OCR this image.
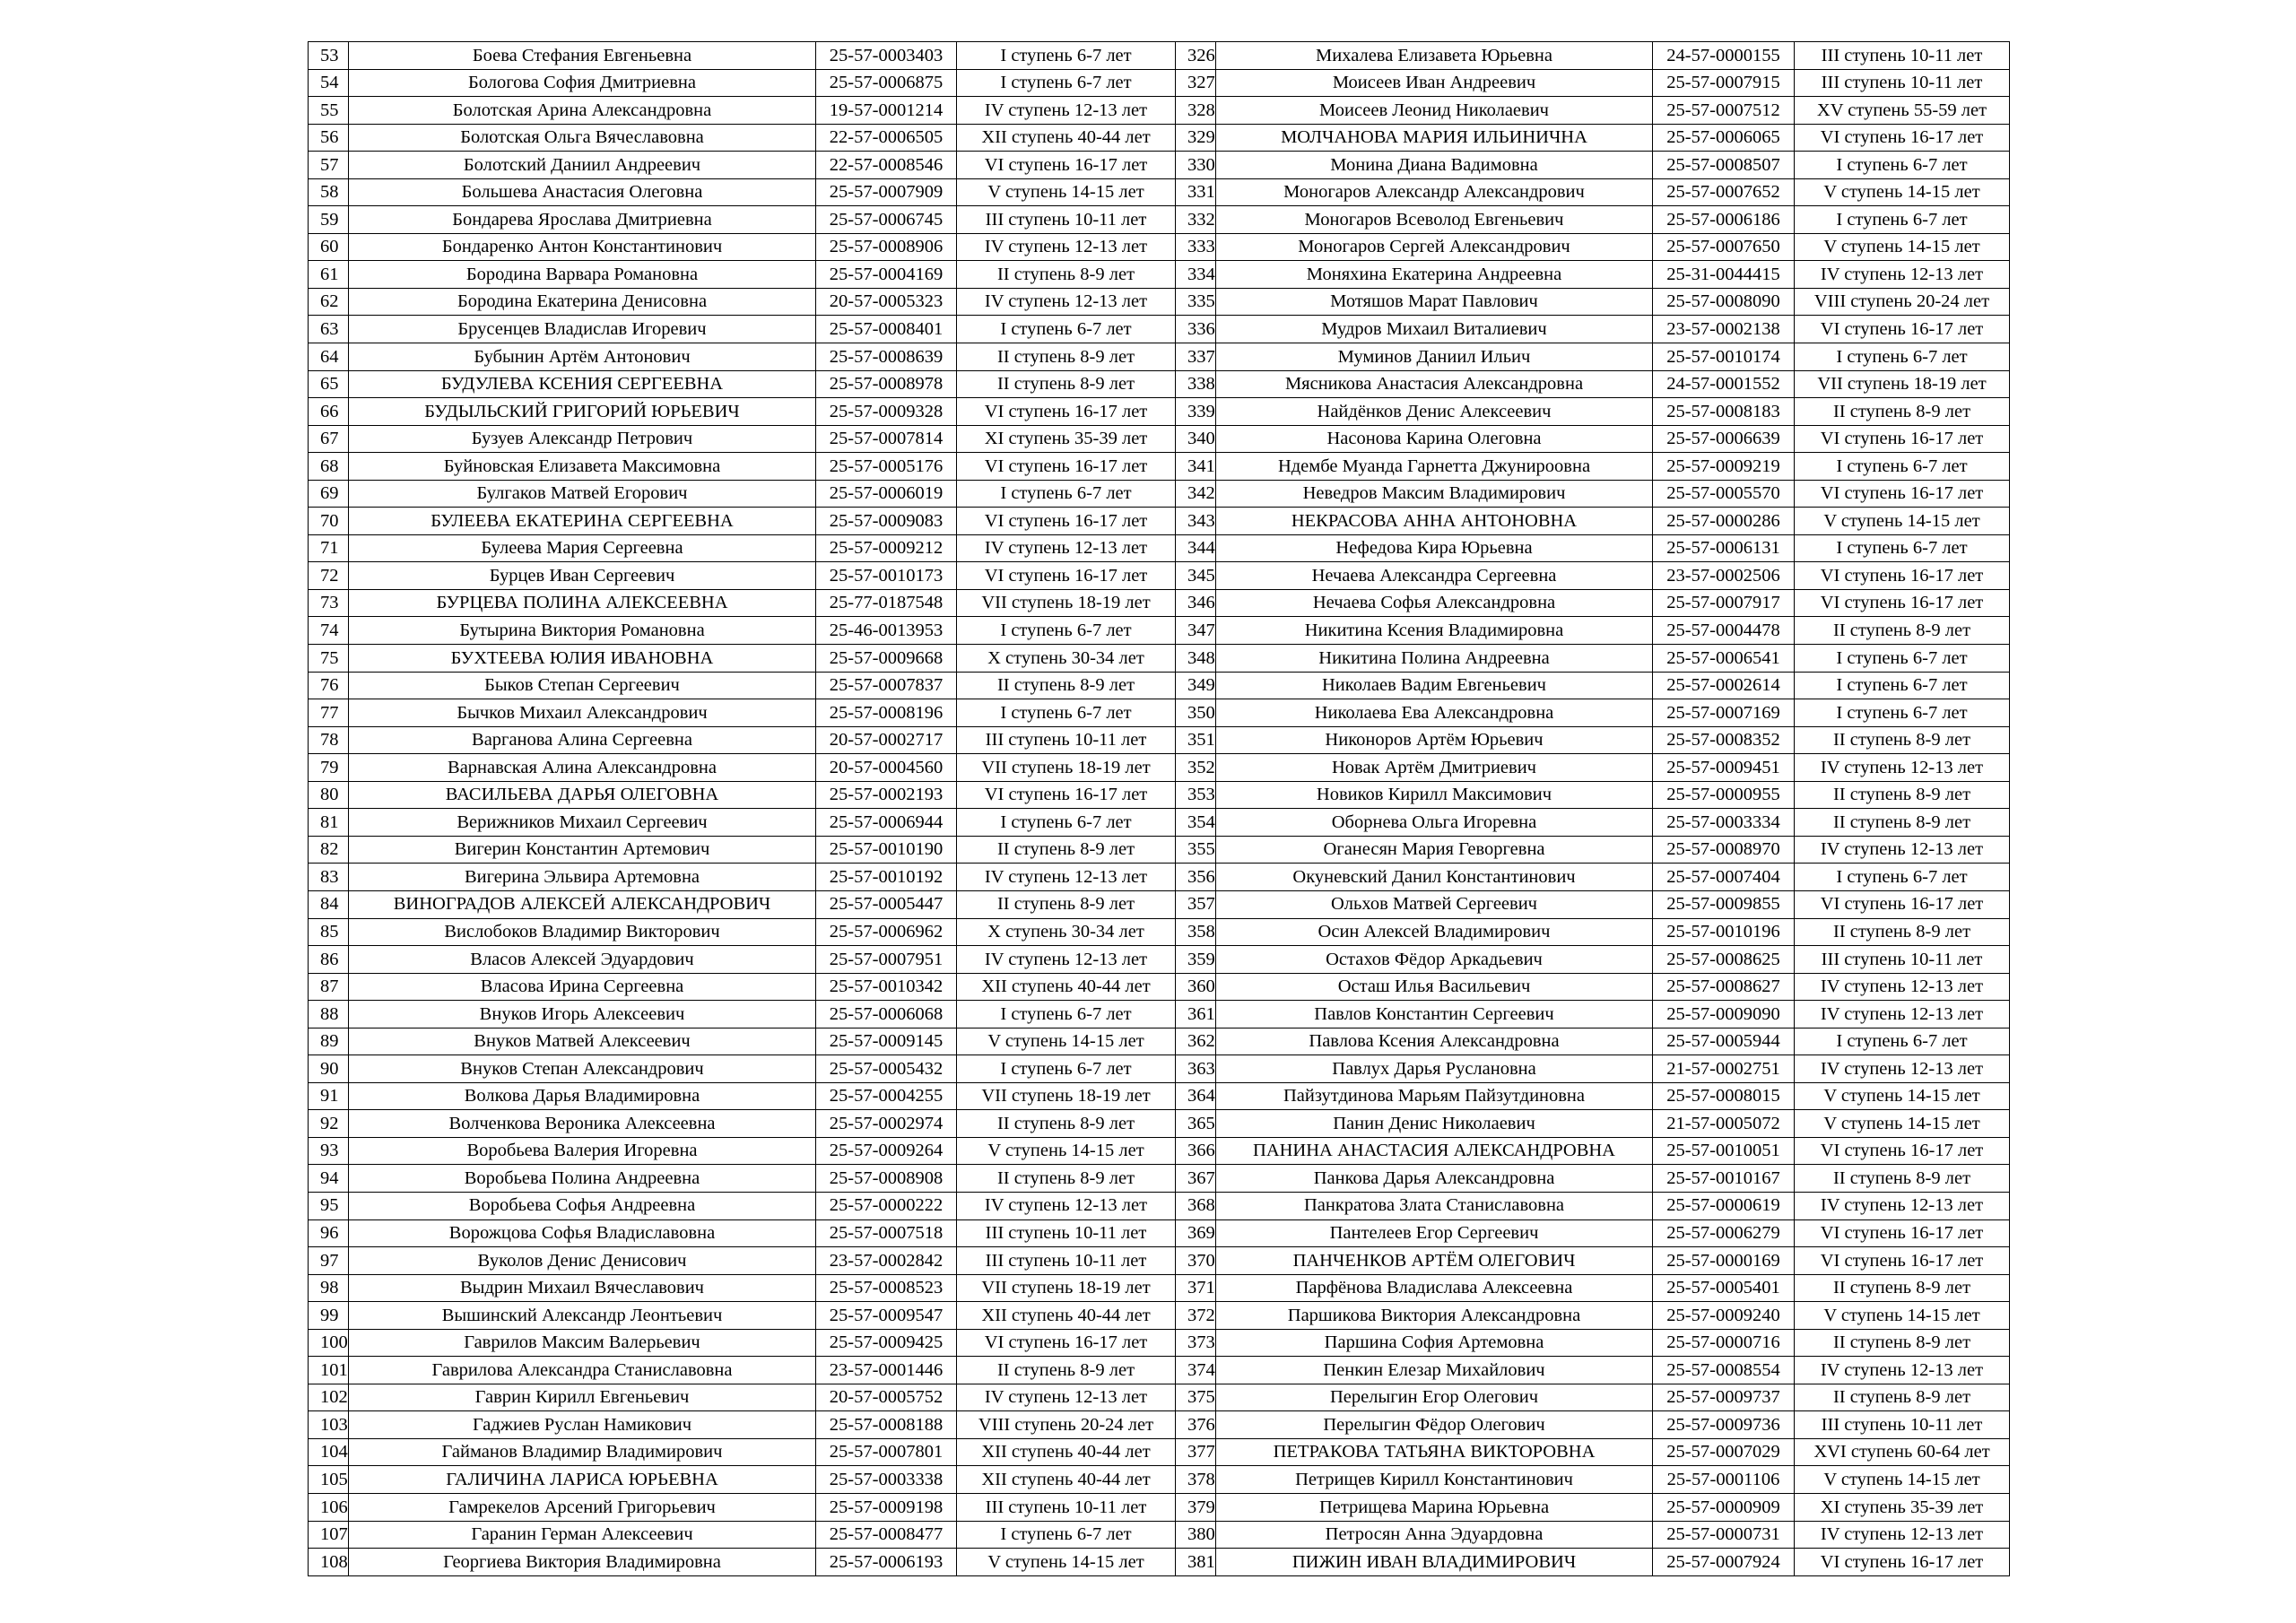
53	Боева Стефания Евгеньевна	25-57-0003403	I ступень 6-7 лет	326	Михалева Елизавета Юрьевна	24-57-0000155	III ступень 10-11 лет
54	Бологова София Дмитриевна	25-57-0006875	I ступень 6-7 лет	327	Моисеев Иван Андреевич	25-57-0007915	III ступень 10-11 лет
55	Болотская Арина Александровна	19-57-0001214	IV ступень 12-13 лет	328	Моисеев Леонид Николаевич	25-57-0007512	XV ступень 55-59 лет
56	Болотская Ольга Вячеславовна	22-57-0006505	XII ступень 40-44 лет	329	МОЛЧАНОВА МАРИЯ ИЛЬИНИЧНА	25-57-0006065	VI ступень 16-17 лет
57	Болотский Даниил Андреевич	22-57-0008546	VI ступень 16-17 лет	330	Монина Диана Вадимовна	25-57-0008507	I ступень 6-7 лет
58	Большева Анастасия Олеговна	25-57-0007909	V ступень 14-15 лет	331	Моногаров Александр Александрович	25-57-0007652	V ступень 14-15 лет
59	Бондарева Ярослава Дмитриевна	25-57-0006745	III ступень 10-11 лет	332	Моногаров Всеволод Евгеньевич	25-57-0006186	I ступень 6-7 лет
60	Бондаренко Антон Константинович	25-57-0008906	IV ступень 12-13 лет	333	Моногаров Сергей Александрович	25-57-0007650	V ступень 14-15 лет
61	Бородина Варвара Романовна	25-57-0004169	II ступень 8-9 лет	334	Моняхина Екатерина Андреевна	25-31-0044415	IV ступень 12-13 лет
62	Бородина Екатерина Денисовна	20-57-0005323	IV ступень 12-13 лет	335	Мотяшов Марат Павлович	25-57-0008090	VIII ступень 20-24 лет
63	Брусенцев Владислав Игоревич	25-57-0008401	I ступень 6-7 лет	336	Мудров Михаил Виталиевич	23-57-0002138	VI ступень 16-17 лет
64	Бубынин Артём Антонович	25-57-0008639	II ступень 8-9 лет	337	Муминов Даниил Ильич	25-57-0010174	I ступень 6-7 лет
65	БУДУЛЕВА КСЕНИЯ СЕРГЕЕВНА	25-57-0008978	II ступень 8-9 лет	338	Мясникова Анастасия Александровна	24-57-0001552	VII ступень 18-19 лет
66	БУДЫЛЬСКИЙ ГРИГОРИЙ ЮРЬЕВИЧ	25-57-0009328	VI ступень 16-17 лет	339	Найдёнков Денис Алексеевич	25-57-0008183	II ступень 8-9 лет
67	Бузуев Александр Петрович	25-57-0007814	XI ступень 35-39 лет	340	Насонова Карина Олеговна	25-57-0006639	VI ступень 16-17 лет
68	Буйновская Елизавета Максимовна	25-57-0005176	VI ступень 16-17 лет	341	Ндембе Муанда Гарнетта Джунироовна	25-57-0009219	I ступень 6-7 лет
69	Булгаков Матвей Егорович	25-57-0006019	I ступень 6-7 лет	342	Неведров Максим Владимирович	25-57-0005570	VI ступень 16-17 лет
70	БУЛЕЕВА ЕКАТЕРИНА СЕРГЕЕВНА	25-57-0009083	VI ступень 16-17 лет	343	НЕКРАСОВА АННА АНТОНОВНА	25-57-0000286	V ступень 14-15 лет
71	Булеева Мария Сергеевна	25-57-0009212	IV ступень 12-13 лет	344	Нефедова Кира Юрьевна	25-57-0006131	I ступень 6-7 лет
72	Бурцев Иван Сергеевич	25-57-0010173	VI ступень 16-17 лет	345	Нечаева Александра Сергеевна	23-57-0002506	VI ступень 16-17 лет
73	БУРЦЕВА ПОЛИНА АЛЕКСЕЕВНА	25-77-0187548	VII ступень 18-19 лет	346	Нечаева Софья Александровна	25-57-0007917	VI ступень 16-17 лет
74	Бутырина Виктория Романовна	25-46-0013953	I ступень 6-7 лет	347	Никитина Ксения Владимировна	25-57-0004478	II ступень 8-9 лет
75	БУХТЕЕВА ЮЛИЯ ИВАНОВНА	25-57-0009668	X ступень 30-34 лет	348	Никитина Полина Андреевна	25-57-0006541	I ступень 6-7 лет
76	Быков Степан Сергеевич	25-57-0007837	II ступень 8-9 лет	349	Николаев Вадим Евгеньевич	25-57-0002614	I ступень 6-7 лет
77	Бычков Михаил Александрович	25-57-0008196	I ступень 6-7 лет	350	Николаева Ева Александровна	25-57-0007169	I ступень 6-7 лет
78	Варганова Алина Сергеевна	20-57-0002717	III ступень 10-11 лет	351	Никоноров Артём Юрьевич	25-57-0008352	II ступень 8-9 лет
79	Варнавская Алина Александровна	20-57-0004560	VII ступень 18-19 лет	352	Новак Артём Дмитриевич	25-57-0009451	IV ступень 12-13 лет
80	ВАСИЛЬЕВА ДАРЬЯ ОЛЕГОВНА	25-57-0002193	VI ступень 16-17 лет	353	Новиков Кирилл Максимович	25-57-0000955	II ступень 8-9 лет
81	Верижников Михаил Сергеевич	25-57-0006944	I ступень 6-7 лет	354	Оборнева Ольга Игоревна	25-57-0003334	II ступень 8-9 лет
82	Вигерин Константин Артемович	25-57-0010190	II ступень 8-9 лет	355	Оганесян Мария Геворгевна	25-57-0008970	IV ступень 12-13 лет
83	Вигерина Эльвира Артемовна	25-57-0010192	IV ступень 12-13 лет	356	Окуневский Данил Константинович	25-57-0007404	I ступень 6-7 лет
84	ВИНОГРАДОВ АЛЕКСЕЙ АЛЕКСАНДРОВИЧ	25-57-0005447	II ступень 8-9 лет	357	Ольхов Матвей Сергеевич	25-57-0009855	VI ступень 16-17 лет
85	Вислобоков Владимир Викторович	25-57-0006962	X ступень 30-34 лет	358	Осин Алексей Владимирович	25-57-0010196	II ступень 8-9 лет
86	Власов Алексей Эдуардович	25-57-0007951	IV ступень 12-13 лет	359	Остахов Фёдор Аркадьевич	25-57-0008625	III ступень 10-11 лет
87	Власова Ирина Сергеевна	25-57-0010342	XII ступень 40-44 лет	360	Осташ Илья Васильевич	25-57-0008627	IV ступень 12-13 лет
88	Внуков Игорь Алексеевич	25-57-0006068	I ступень 6-7 лет	361	Павлов Константин Сергеевич	25-57-0009090	IV ступень 12-13 лет
89	Внуков Матвей Алексеевич	25-57-0009145	V ступень 14-15 лет	362	Павлова Ксения Александровна	25-57-0005944	I ступень 6-7 лет
90	Внуков Степан Александрович	25-57-0005432	I ступень 6-7 лет	363	Павлух Дарья Руслановна	21-57-0002751	IV ступень 12-13 лет
91	Волкова Дарья Владимировна	25-57-0004255	VII ступень 18-19 лет	364	Пайзутдинова Марьям Пайзутдиновна	25-57-0008015	V ступень 14-15 лет
92	Волченкова Вероника Алексеевна	25-57-0002974	II ступень 8-9 лет	365	Панин Денис Николаевич	21-57-0005072	V ступень 14-15 лет
93	Воробьева Валерия Игоревна	25-57-0009264	V ступень 14-15 лет	366	ПАНИНА АНАСТАСИЯ АЛЕКСАНДРОВНА	25-57-0010051	VI ступень 16-17 лет
94	Воробьева Полина Андреевна	25-57-0008908	II ступень 8-9 лет	367	Панкова Дарья Александровна	25-57-0010167	II ступень 8-9 лет
95	Воробьева Софья Андреевна	25-57-0000222	IV ступень 12-13 лет	368	Панкратова Злата Станиславовна	25-57-0000619	IV ступень 12-13 лет
96	Ворожцова Софья Владиславовна	25-57-0007518	III ступень 10-11 лет	369	Пантелеев Егор Сергеевич	25-57-0006279	VI ступень 16-17 лет
97	Вуколов Денис Денисович	23-57-0002842	III ступень 10-11 лет	370	ПАНЧЕНКОВ АРТЁМ ОЛЕГОВИЧ	25-57-0000169	VI ступень 16-17 лет
98	Выдрин Михаил Вячеславович	25-57-0008523	VII ступень 18-19 лет	371	Парфёнова Владислава Алексеевна	25-57-0005401	II ступень 8-9 лет
99	Вышинский Александр Леонтьевич	25-57-0009547	XII ступень 40-44 лет	372	Паршикова Виктория Александровна	25-57-0009240	V ступень 14-15 лет
100	Гаврилов Максим Валерьевич	25-57-0009425	VI ступень 16-17 лет	373	Паршина София Артемовна	25-57-0000716	II ступень 8-9 лет
101	Гаврилова Александра Станиславовна	23-57-0001446	II ступень 8-9 лет	374	Пенкин Елезар Михайлович	25-57-0008554	IV ступень 12-13 лет
102	Гаврин Кирилл Евгеньевич	20-57-0005752	IV ступень 12-13 лет	375	Перелыгин Егор Олегович	25-57-0009737	II ступень 8-9 лет
103	Гаджиев Руслан Намикович	25-57-0008188	VIII ступень 20-24 лет	376	Перелыгин Фёдор Олегович	25-57-0009736	III ступень 10-11 лет
104	Гайманов Владимир Владимирович	25-57-0007801	XII ступень 40-44 лет	377	ПЕТРАКОВА ТАТЬЯНА ВИКТОРОВНА	25-57-0007029	XVI ступень 60-64 лет
105	ГАЛИЧИНА ЛАРИСА ЮРЬЕВНА	25-57-0003338	XII ступень 40-44 лет	378	Петрищев Кирилл Константинович	25-57-0001106	V ступень 14-15 лет
106	Гамрекелов Арсений Григорьевич	25-57-0009198	III ступень 10-11 лет	379	Петрищева Марина Юрьевна	25-57-0000909	XI ступень 35-39 лет
107	Гаранин Герман Алексеевич	25-57-0008477	I ступень 6-7 лет	380	Петросян Анна Эдуардовна	25-57-0000731	IV ступень 12-13 лет
108	Георгиева Виктория Владимировна	25-57-0006193	V ступень 14-15 лет	381	ПИЖИН ИВАН ВЛАДИМИРОВИЧ	25-57-0007924	VI ступень 16-17 лет
